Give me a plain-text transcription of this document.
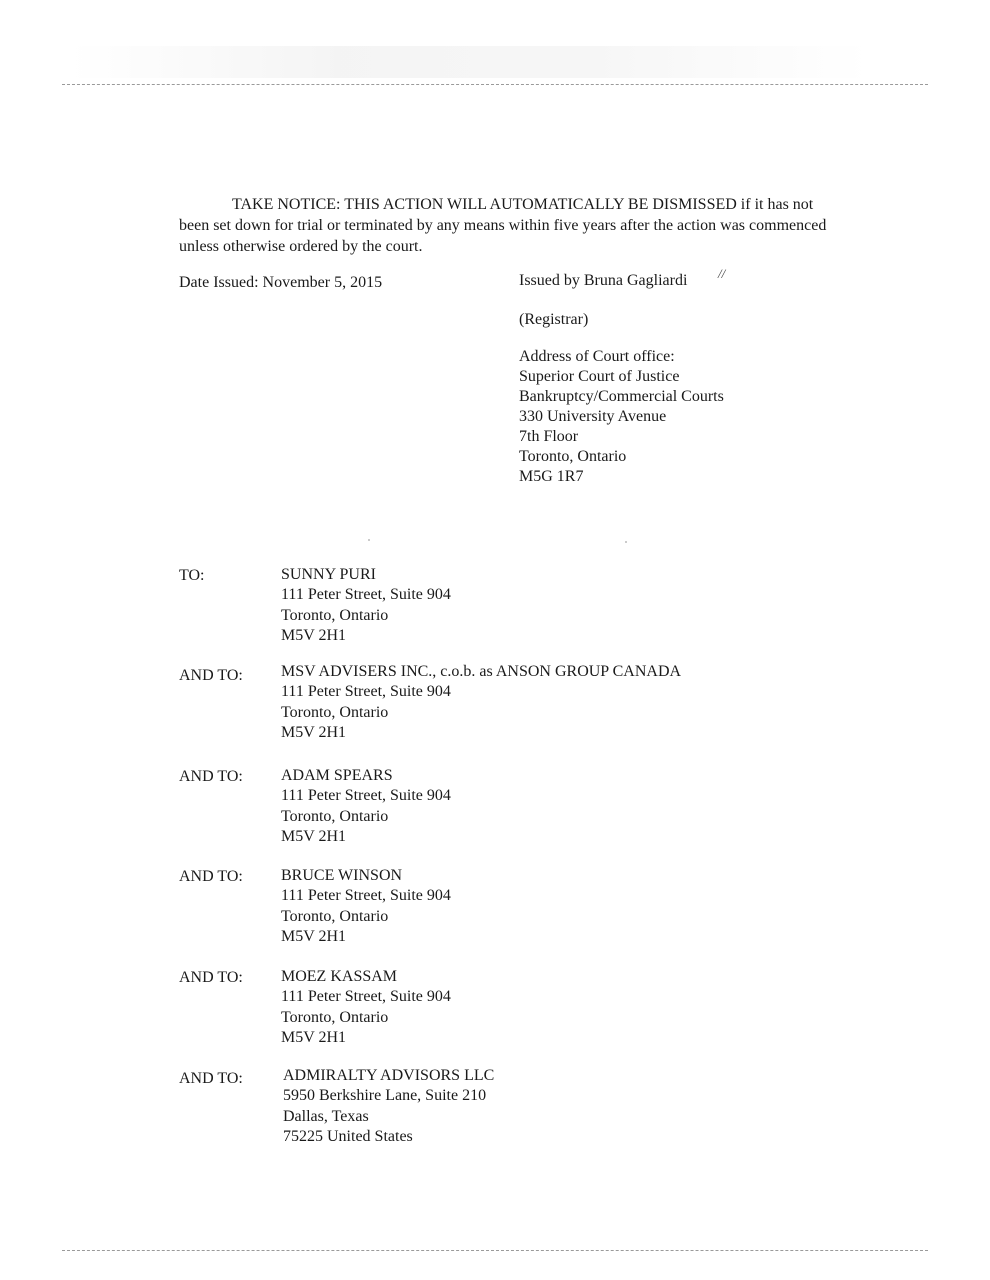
TAKE NOTICE: THIS ACTION WILL AUTOMATICALLY BE DISMISSED if it has not been set down for trial or terminated by any means within five years after the action was commenced unless otherwise ordered by the court.
Date Issued: November 5, 2015	Issued by Bruna Gagliardi //
(Registrar)
Address of Court office:
Superior Court of Justice
Bankruptcy/Commercial Courts
330 University Avenue
7th Floor
Toronto, Ontario
M5G 1R7
TO:	SUNNY PURI
111 Peter Street, Suite 904
Toronto, Ontario
M5V 2H1
AND TO: MSV ADVISERS INC., c.o.b. as ANSON GROUP CANADA
111 Peter Street, Suite 904
Toronto, Ontario
M5V 2H1
AND TO: ADAM SPEARS
111 Peter Street, Suite 904
Toronto, Ontario
M5V 2H1
AND TO: BRUCE WINSON
111 Peter Street, Suite 904
Toronto, Ontario
M5V 2H1
AND TO: MOEZ KASSAM
111 Peter Street, Suite 904
Toronto, Ontario
M5V 2H1
AND TO:	ADMIRALTY ADVISORS LLC
5950 Berkshire Lane, Suite 210
Dallas, Texas
75225 United States
